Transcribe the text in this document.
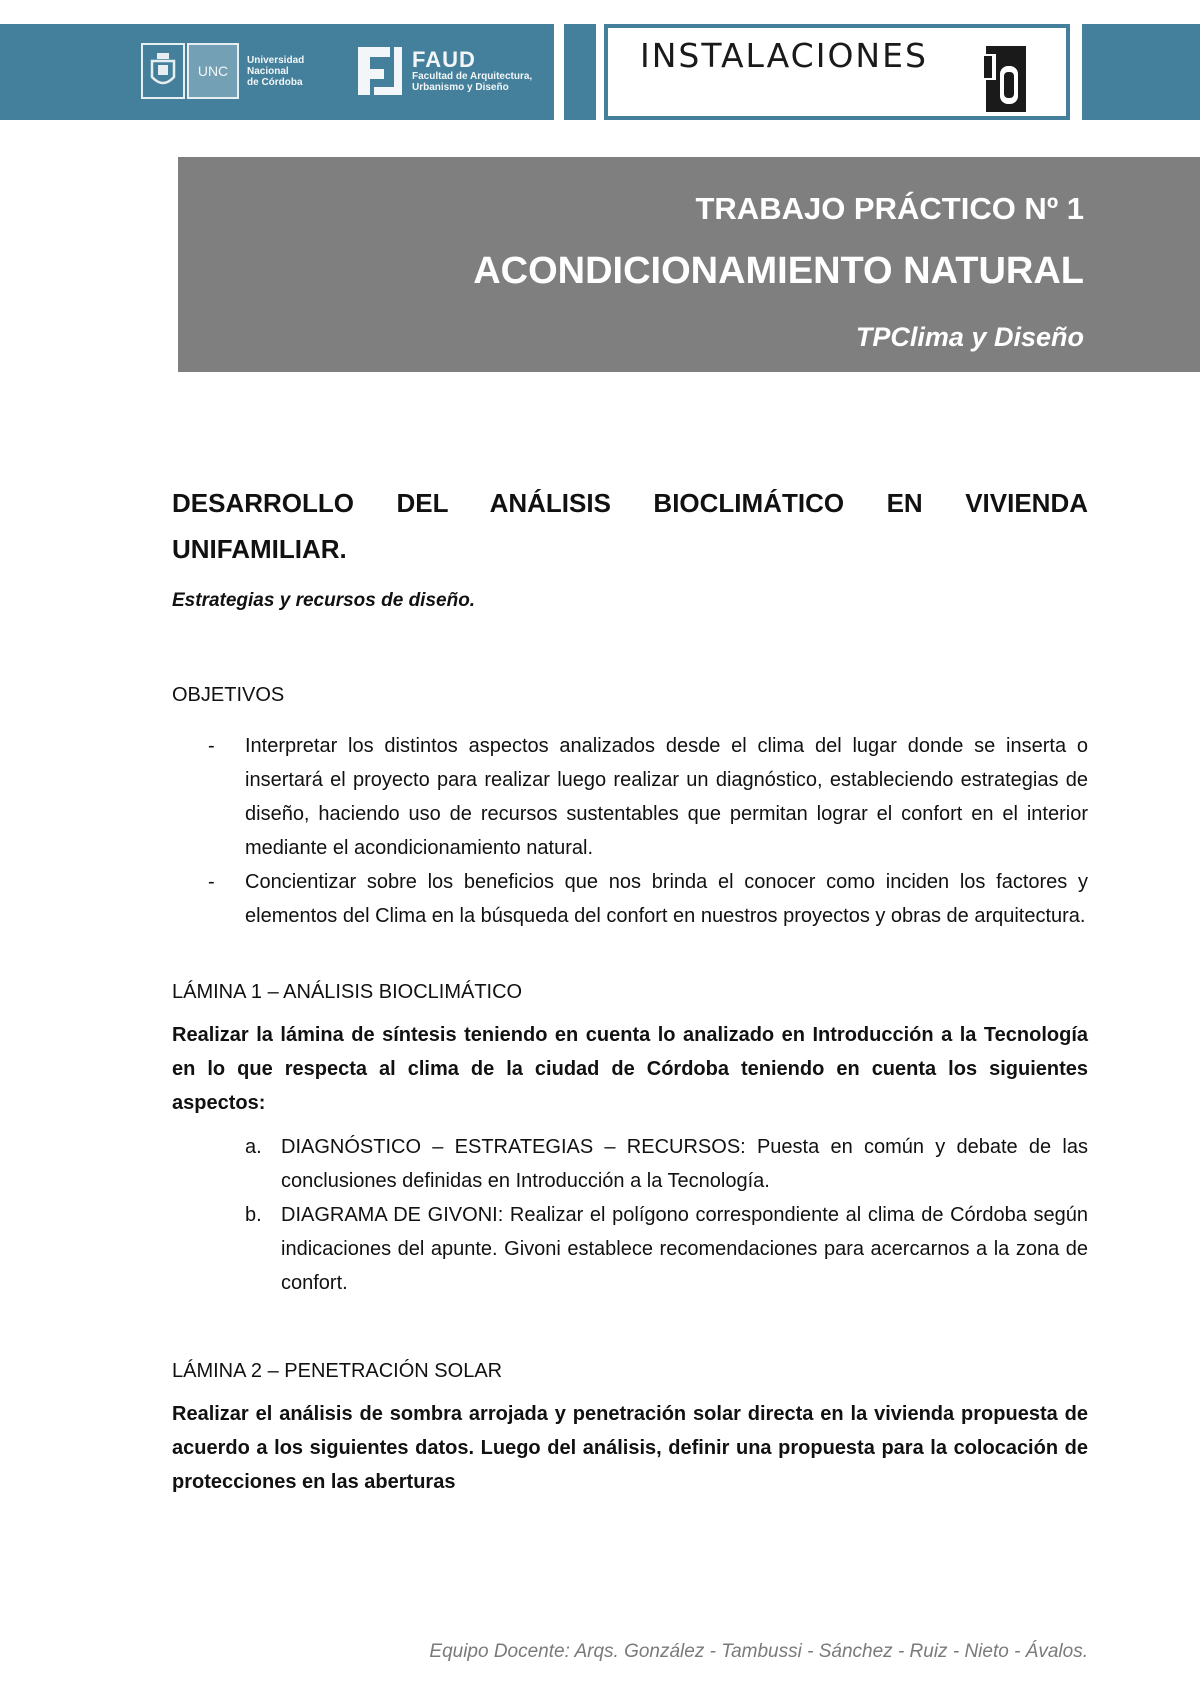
UNC
Universidad
Nacional
de Córdoba
FAUD
Facultad de Arquitectura,
Urbanismo y Diseño
INSTALACIONES
TRABAJO PRÁCTICO Nº 1
ACONDICIONAMIENTO NATURAL
TPClima y Diseño
DESARROLLO DEL ANÁLISIS BIOCLIMÁTICO EN VIVIENDA
UNIFAMILIAR.
Estrategias y recursos de diseño.
OBJETIVOS
- Interpretar los distintos aspectos analizados desde el clima del lugar donde se inserta o insertará el proyecto para realizar luego realizar un diagnóstico, estableciendo estrategias de diseño, haciendo uso de recursos sustentables que permitan lograr el confort en el interior mediante el acondicionamiento natural.
- Concientizar sobre los beneficios que nos brinda el conocer como inciden los factores y elementos del Clima en la búsqueda del confort en nuestros proyectos y obras de arquitectura.
LÁMINA 1 – ANÁLISIS BIOCLIMÁTICO
Realizar la lámina de síntesis teniendo en cuenta lo analizado en Introducción a la Tecnología en lo que respecta al clima de la ciudad de Córdoba teniendo en cuenta los siguientes aspectos:
a. DIAGNÓSTICO – ESTRATEGIAS – RECURSOS: Puesta en común y debate de las conclusiones definidas en Introducción a la Tecnología.
b. DIAGRAMA DE GIVONI: Realizar el polígono correspondiente al clima de Córdoba según indicaciones del apunte. Givoni establece recomendaciones para acercarnos a la zona de confort.
LÁMINA 2 – PENETRACIÓN SOLAR
Realizar el análisis de sombra arrojada y penetración solar directa en la vivienda propuesta de acuerdo a los siguientes datos. Luego del análisis, definir una propuesta para la colocación de protecciones en las aberturas
Equipo Docente: Arqs. González - Tambussi - Sánchez - Ruiz - Nieto - Ávalos.
